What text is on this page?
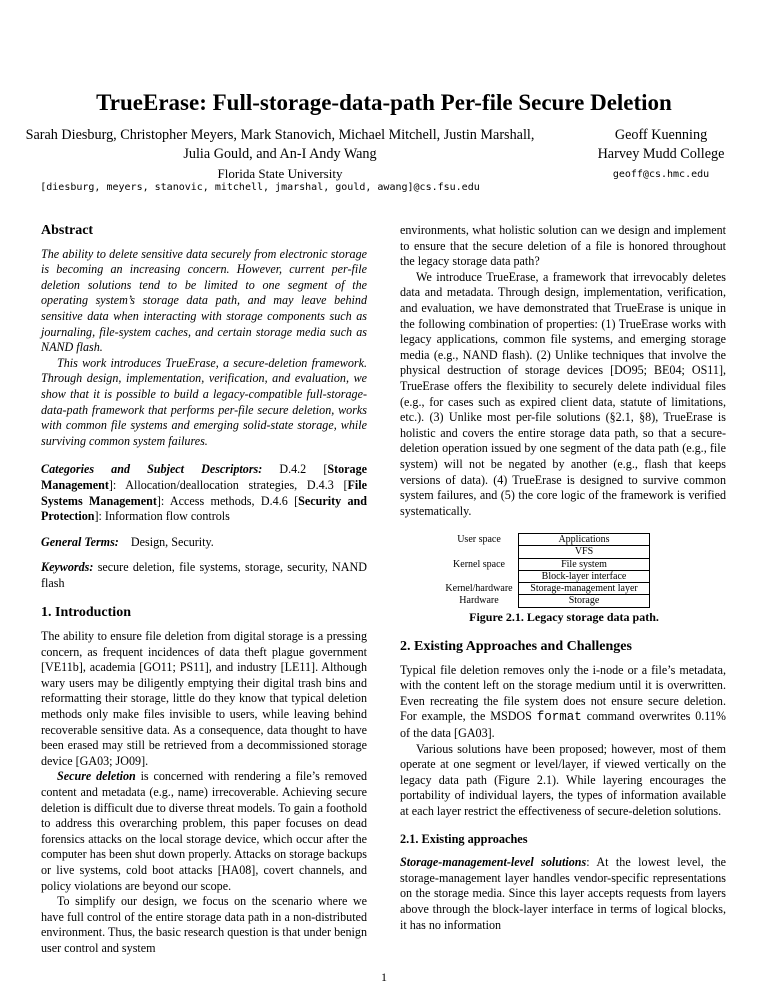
TrueErase: Full-storage-data-path Per-file Secure Deletion
Sarah Diesburg, Christopher Meyers, Mark Stanovich, Michael Mitchell, Justin Marshall,
Julia Gould, and An-I Andy Wang
Florida State University
[diesburg, meyers, stanovic, mitchell, jmarshal, gould, awang]@cs.fsu.edu
Geoff Kuenning
Harvey Mudd College
geoff@cs.hmc.edu
Abstract

The ability to delete sensitive data securely from electronic storage is becoming an increasing concern. However, current per-file deletion solutions tend to be limited to one segment of the operating system’s storage data path, and may leave behind sensitive data when interacting with storage components such as journaling, file-system caches, and certain storage media such as NAND flash.

This work introduces TrueErase, a secure-deletion framework. Through design, implementation, verification, and evaluation, we show that it is possible to build a legacy-compatible full-storage-data-path framework that performs per-file secure deletion, works with common file systems and emerging solid-state storage, while surviving common system failures.

Categories and Subject Descriptors: D.4.2 [Storage Management]: Allocation/deallocation strategies, D.4.3 [File Systems Management]: Access methods, D.4.6 [Security and Protection]: Information flow controls

General Terms: Design, Security.

Keywords: secure deletion, file systems, storage, security, NAND flash

1. Introduction

The ability to ensure file deletion from digital storage is a pressing concern, as frequent incidences of data theft plague government [VE11b], academia [GO11; PS11], and industry [LE11]. Although wary users may be diligently emptying their digital trash bins and reformatting their storage, little do they know that typical deletion methods only make files invisible to users, while leaving behind recoverable sensitive data. As a consequence, data thought to have been erased may still be retrieved from a decommissioned storage device [GA03; JO09].

Secure deletion is concerned with rendering a file’s removed content and metadata (e.g., name) irrecoverable. Achieving secure deletion is difficult due to diverse threat models. To gain a foothold to address this overarching problem, this paper focuses on dead forensics attacks on the local storage device, which occur after the computer has been shut down properly. Attacks on storage backups or live systems, cold boot attacks [HA08], covert channels, and policy violations are beyond our scope.

To simplify our design, we focus on the scenario where we have full control of the entire storage data path in a non-distributed environment. Thus, the basic research question is that under benign user control and system

environments, what holistic solution can we design and implement to ensure that the secure deletion of a file is honored throughout the legacy storage data path?

We introduce TrueErase, a framework that irrevocably deletes data and metadata. Through design, implementation, verification, and evaluation, we have demonstrated that TrueErase is unique in the following combination of properties: (1) TrueErase works with legacy applications, common file systems, and emerging storage media (e.g., NAND flash). (2) Unlike techniques that involve the physical destruction of storage devices [DO95; BE04; OS11], TrueErase offers the flexibility to securely delete individual files (e.g., for cases such as expired client data, statute of limitations, etc.). (3) Unlike most per-file solutions (§2.1, §8), TrueErase is holistic and covers the entire storage data path, so that a secure-deletion operation issued by one segment of the data path (e.g., file system) will not be negated by another (e.g., flash that keeps versions of data). (4) TrueErase is designed to survive common system failures, and (5) the core logic of the framework is verified systematically.

User space	Applications
Kernel space	VFS
	File system
	Block-layer interface
Kernel/hardware	Storage-management layer
Hardware	Storage
Figure 2.1. Legacy storage data path.
2. Existing Approaches and Challenges

Typical file deletion removes only the i-node or a file’s metadata, with the content left on the storage medium until it is overwritten. Even recreating the file system does not ensure secure deletion. For example, the MSDOS format command overwrites 0.11% of the data [GA03].

Various solutions have been proposed; however, most of them operate at one segment or level/layer, if viewed vertically on the legacy data path (Figure 2.1). While layering encourages the portability of individual layers, the types of information available at each layer restrict the effectiveness of secure-deletion solutions.

2.1. Existing approaches

Storage-management-level solutions: At the lowest level, the storage-management layer handles vendor-specific representations on the storage media. Since this layer accepts requests from layers above through the block-layer interface in terms of logical blocks, it has no information

1
